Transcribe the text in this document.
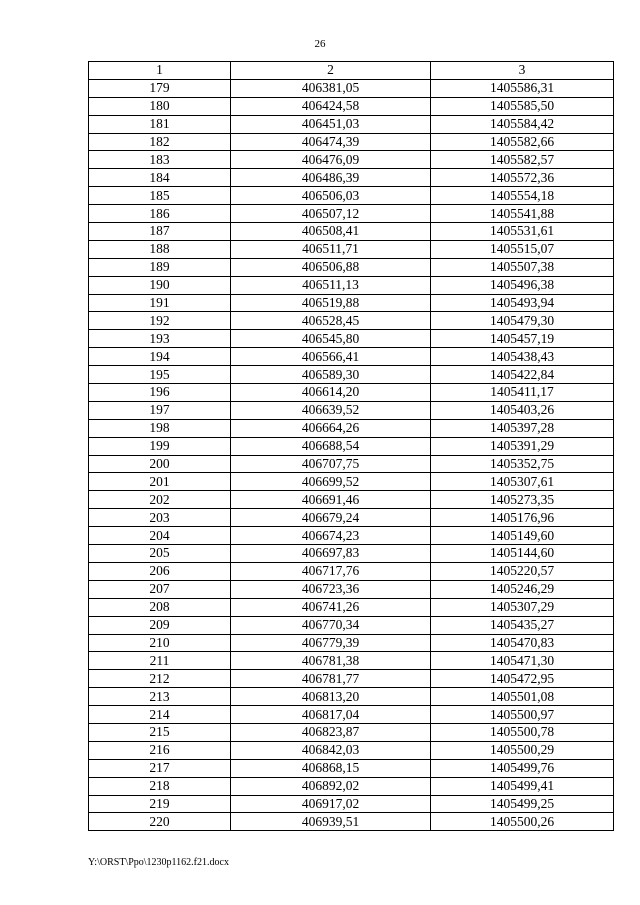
26
1	2	3
179	406381,05	1405586,31
180	406424,58	1405585,50
181	406451,03	1405584,42
182	406474,39	1405582,66
183	406476,09	1405582,57
184	406486,39	1405572,36
185	406506,03	1405554,18
186	406507,12	1405541,88
187	406508,41	1405531,61
188	406511,71	1405515,07
189	406506,88	1405507,38
190	406511,13	1405496,38
191	406519,88	1405493,94
192	406528,45	1405479,30
193	406545,80	1405457,19
194	406566,41	1405438,43
195	406589,30	1405422,84
196	406614,20	1405411,17
197	406639,52	1405403,26
198	406664,26	1405397,28
199	406688,54	1405391,29
200	406707,75	1405352,75
201	406699,52	1405307,61
202	406691,46	1405273,35
203	406679,24	1405176,96
204	406674,23	1405149,60
205	406697,83	1405144,60
206	406717,76	1405220,57
207	406723,36	1405246,29
208	406741,26	1405307,29
209	406770,34	1405435,27
210	406779,39	1405470,83
211	406781,38	1405471,30
212	406781,77	1405472,95
213	406813,20	1405501,08
214	406817,04	1405500,97
215	406823,87	1405500,78
216	406842,03	1405500,29
217	406868,15	1405499,76
218	406892,02	1405499,41
219	406917,02	1405499,25
220	406939,51	1405500,26
Y:\ORST\Ppo\1230p1162.f21.docx
